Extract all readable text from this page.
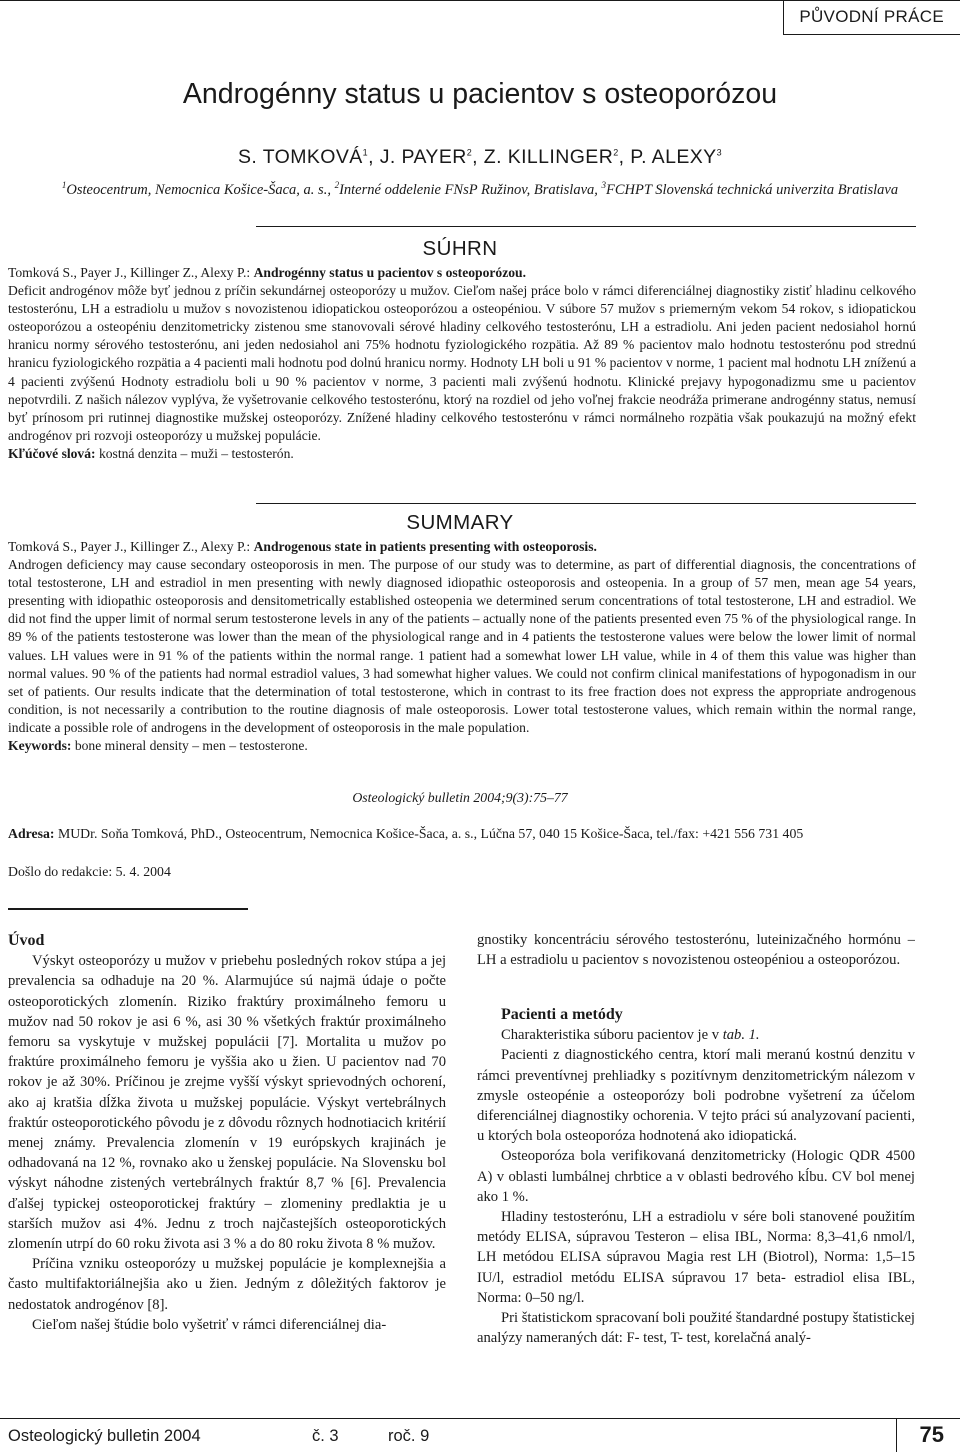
PŮVODNÍ PRÁCE
Androgénny status u pacientov s osteoporózou
S. TOMKOVÁ$^1$, J. PAYER$^2$, Z. KILLINGER$^2$, P. ALEXY$^3$
$^1$Osteocentrum, Nemocnica Košice-Šaca, a. s., $^2$Interné oddelenie FNsP Ružinov, Bratislava, $^3$FCHPT Slovenská technická univerzita Bratislava
SÚHRN

Tomková S., Payer J., Killinger Z., Alexy P.: Androgénny status u pacientov s osteoporózou.

Deficit androgénov môže byť jednou z príčin sekundárnej osteoporózy u mužov. Cieľom našej práce bolo v rámci diferenciálnej diagnostiky zistiť hladinu celkového testosterónu, LH a estradiolu u mužov s novozistenou idiopatickou osteoporózou a osteopéniou. V súbore 57 mužov s priemerným vekom 54 rokov, s idiopatickou osteoporózou a osteopéniu denzitometricky zistenou sme stanovovali sérové hladiny celkového testosterónu, LH a estradiolu. Ani jeden pacient nedosiahol hornú hranicu normy sérového testosterónu, ani jeden nedosiahol ani 75% hodnotu fyziologického rozpätia. Až 89 % pacientov malo hodnotu testosterónu pod strednú hranicu fyziologického rozpätia a 4 pacienti mali hodnotu pod dolnú hranicu normy. Hodnoty LH boli u 91 % pacientov v norme, 1 pacient mal hodnotu LH zníženú a 4 pacienti zvýšenú Hodnoty estradiolu boli u 90 % pacientov v norme, 3 pacienti mali zvýšenú hodnotu. Klinické prejavy hypogonadizmu sme u pacientov nepotvrdili. Z našich nálezov vyplýva, že vyšetrovanie celkového testosterónu, ktorý na rozdiel od jeho voľnej frakcie neodráža primerane androgénny status, nemusí byť prínosom pri rutinnej diagnostike mužskej osteoporózy. Znížené hladiny celkového testosterónu v rámci normálneho rozpätia však poukazujú na možný efekt androgénov pri rozvoji osteoporózy u mužskej populácie.

Kľúčové slová: kostná denzita – muži – testosterón.

SUMMARY

Tomková S., Payer J., Killinger Z., Alexy P.: Androgenous state in patients presenting with osteoporosis.

Androgen deficiency may cause secondary osteoporosis in men. The purpose of our study was to determine, as part of differential diagnosis, the concentrations of total testosterone, LH and estradiol in men presenting with newly diagnosed idiopathic osteoporosis and osteopenia. In a group of 57 men, mean age 54 years, presenting with idiopathic osteoporosis and densitometrically established osteopenia we determined serum concentrations of total testosterone, LH and estradiol. We did not find the upper limit of normal serum testosterone levels in any of the patients – actually none of the patients presented even 75 % of the physiological range. In 89 % of the patients testosterone was lower than the mean of the physiological range and in 4 patients the testosterone values were below the lower limit of normal values. LH values were in 91 % of the patients within the normal range. 1 patient had a somewhat lower LH value, while in 4 of them this value was higher than normal values. 90 % of the patients had normal estradiol values, 3 had somewhat higher values. We could not confirm clinical manifestations of hypogonadism in our set of patients. Our results indicate that the determination of total testosterone, which in contrast to its free fraction does not express the appropriate androgenous condition, is not necessarily a contribution to the routine diagnosis of male osteoporosis. Lower total testosterone values, which remain within the normal range, indicate a possible role of androgens in the development of osteoporosis in the male population.

Keywords: bone mineral density – men – testosterone.

Osteologický bulletin 2004;9(3):75–77
Adresa: MUDr. Soňa Tomková, PhD., Osteocentrum, Nemocnica Košice-Šaca, a. s., Lúčna 57, 040 15 Košice-Šaca, tel./fax: +421 556 731 405
Došlo do redakcie: 5. 4. 2004

Úvod

Výskyt osteoporózy u mužov v priebehu posledných rokov stúpa a jej prevalencia sa odhaduje na 20 %. Alarmujúce sú najmä údaje o počte osteoporotických zlomenín. Riziko fraktúry proximálneho femoru u mužov nad 50 rokov je asi 6 %, asi 30 % všetkých fraktúr proximálneho femoru sa vyskytuje v mužskej populácii [7]. Mortalita u mužov po fraktúre proximálneho femoru je vyššia ako u žien. U pacientov nad 70 rokov je až 30%. Príčinou je zrejme vyšší výskyt sprievodných ochorení, ako aj kratšia dĺžka života u mužskej populácie. Výskyt vertebrálnych fraktúr osteoporotického pôvodu je z dôvodu rôznych hodnotiacich kritérií menej známy. Prevalencia zlomenín v 19 európskych krajinách je odhadovaná na 12 %, rovnako ako u ženskej populácie. Na Slovensku bol výskyt náhodne zistených vertebrálnych fraktúr 8,7 % [6]. Prevalencia ďalšej typickej osteoporotickej fraktúry – zlomeniny predlaktia je u starších mužov asi 4%. Jednu z troch najčastejších osteoporotických zlomenín utrpí do 60 roku života asi 3 % a do 80 roku života 8 % mužov.

Príčina vzniku osteoporózy u mužskej populácie je komplexnejšia a často multifaktoriálnejšia ako u žien. Jedným z dôležitých faktorov je nedostatok androgénov [8].

Cieľom našej štúdie bolo vyšetriť v rámci diferenciálnej dia-

gnostiky koncentráciu sérového testosterónu, luteinizačného hormónu – LH a estradiolu u pacientov s novozistenou osteopéniou a osteoporózou.

Pacienti a metódy

Charakteristika súboru pacientov je v tab. 1.

Pacienti z diagnostického centra, ktorí mali meranú kostnú denzitu v rámci preventívnej prehliadky s pozitívnym denzitometrickým nálezom v zmysle osteopénie a osteoporózy boli podrobne vyšetrení za účelom diferenciálnej diagnostiky ochorenia. V tejto práci sú analyzovaní pacienti, u ktorých bola osteoporóza hodnotená ako idiopatická.

Osteoporóza bola verifikovaná denzitometricky (Hologic QDR 4500 A) v oblasti lumbálnej chrbtice a v oblasti bedrového kĺbu. CV bol menej ako 1 %.

Hladiny testosterónu, LH a estradiolu v sére boli stanovené použitím metódy ELISA, súpravou Testeron – elisa IBL, Norma: 8,3–41,6 nmol/l, LH metódou ELISA súpravou Magia rest LH (Biotrol), Norma: 1,5–15 IU/l, estradiol metódu ELISA súpravou 17 beta- estradiol elisa IBL, Norma: 0–50 ng/l.

Pri štatistickom spracovaní boli použité štandardné postupy štatistickej analýzy nameraných dát: F- test, T- test, korelačná analý-

Osteologický bulletin 2004	č. 3	roč. 9	75
